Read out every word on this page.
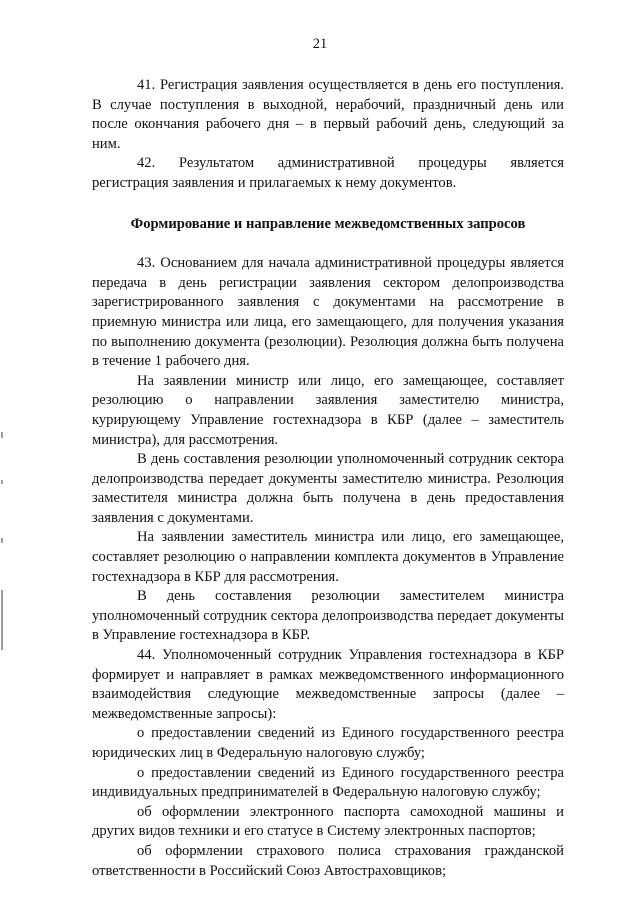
21

41. Регистрация заявления осуществляется в день его поступления. В случае поступления в выходной, нерабочий, праздничный день или после окончания рабочего дня – в первый рабочий день, следующий за ним.

42. Результатом административной процедуры является регистрация заявления и прилагаемых к нему документов.

Формирование и направление межведомственных запросов

43. Основанием для начала административной процедуры является передача в день регистрации заявления сектором делопроизводства зарегистрированного заявления с документами на рассмотрение в приемную министра или лица, его замещающего, для получения указания по выполнению документа (резолюции). Резолюция должна быть получена в течение 1 рабочего дня.

На заявлении министр или лицо, его замещающее, составляет резолюцию о направлении заявления заместителю министра, курирующему Управление гостехнадзора в КБР (далее – заместитель министра), для рассмотрения.

В день составления резолюции уполномоченный сотрудник сектора делопроизводства передает документы заместителю министра. Резолюция заместителя министра должна быть получена в день предоставления заявления с документами.

На заявлении заместитель министра или лицо, его замещающее, составляет резолюцию о направлении комплекта документов в Управление гостехнадзора в КБР для рассмотрения.

В день составления резолюции заместителем министра уполномоченный сотрудник сектора делопроизводства передает документы в Управление гостехнадзора в КБР.

44. Уполномоченный сотрудник Управления гостехнадзора в КБР формирует и направляет в рамках межведомственного информационного взаимодействия следующие межведомственные запросы (далее – межведомственные запросы):

о предоставлении сведений из Единого государственного реестра юридических лиц в Федеральную налоговую службу;

о предоставлении сведений из Единого государственного реестра индивидуальных предпринимателей в Федеральную налоговую службу;

об оформлении электронного паспорта самоходной машины и других видов техники и его статусе в Систему электронных паспортов;

об оформлении страхового полиса страхования гражданской ответственности в Российский Союз Автостраховщиков;
